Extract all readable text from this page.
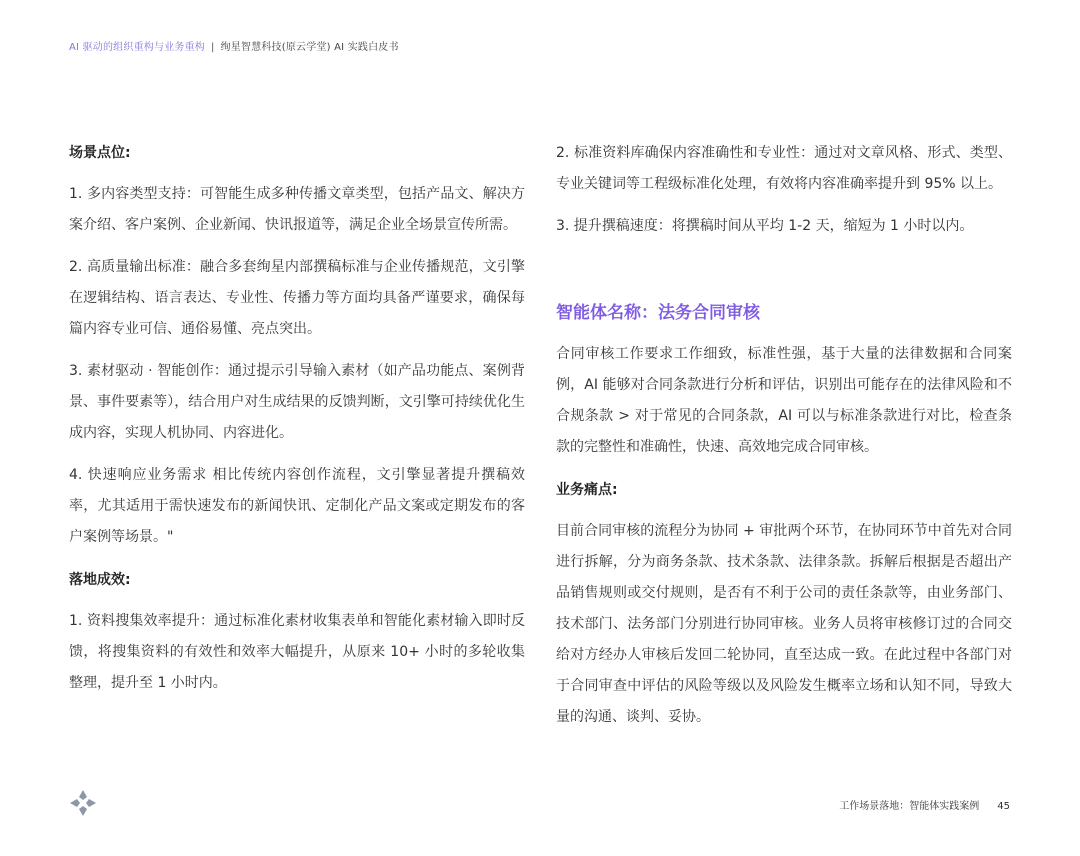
AI 驱动的组织重构与业务重构 | 绚星智慧科技(原云学堂) AI 实践白皮书
场景点位:
1. 多内容类型支持：可智能生成多种传播文章类型，包括产品文、解决方案介绍、客户案例、企业新闻、快讯报道等，满足企业全场景宣传所需。
2. 高质量输出标准：融合多套绚星内部撰稿标准与企业传播规范，文引擎在逻辑结构、语言表达、专业性、传播力等方面均具备严谨要求，确保每篇内容专业可信、通俗易懂、亮点突出。
3. 素材驱动 · 智能创作：通过提示引导输入素材（如产品功能点、案例背景、事件要素等），结合用户对生成结果的反馈判断，文引擎可持续优化生成内容，实现人机协同、内容进化。
4. 快速响应业务需求 相比传统内容创作流程，文引擎显著提升撰稿效率，尤其适用于需快速发布的新闻快讯、定制化产品文案或定期发布的客户案例等场景。"
落地成效:
1. 资料搜集效率提升：通过标准化素材收集表单和智能化素材输入即时反馈，将搜集资料的有效性和效率大幅提升，从原来 10+ 小时的多轮收集整理，提升至 1 小时内。
2. 标准资料库确保内容准确性和专业性：通过对文章风格、形式、类型、专业关键词等工程级标准化处理，有效将内容准确率提升到 95% 以上。
3. 提升撰稿速度：将撰稿时间从平均 1-2 天，缩短为 1 小时以内。
智能体名称：法务合同审核
合同审核工作要求工作细致，标准性强，基于大量的法律数据和合同案例，AI 能够对合同条款进行分析和评估，识别出可能存在的法律风险和不合规条款 > 对于常见的合同条款，AI 可以与标准条款进行对比，检查条款的完整性和准确性，快速、高效地完成合同审核。
业务痛点:
目前合同审核的流程分为协同 + 审批两个环节，在协同环节中首先对合同进行拆解，分为商务条款、技术条款、法律条款。拆解后根据是否超出产品销售规则或交付规则，是否有不利于公司的责任条款等，由业务部门、技术部门、法务部门分别进行协同审核。业务人员将审核修订过的合同交给对方经办人审核后发回二轮协同，直至达成一致。在此过程中各部门对于合同审查中评估的风险等级以及风险发生概率立场和认知不同，导致大量的沟通、谈判、妥协。
工作场景落地：智能体实践案例 45
